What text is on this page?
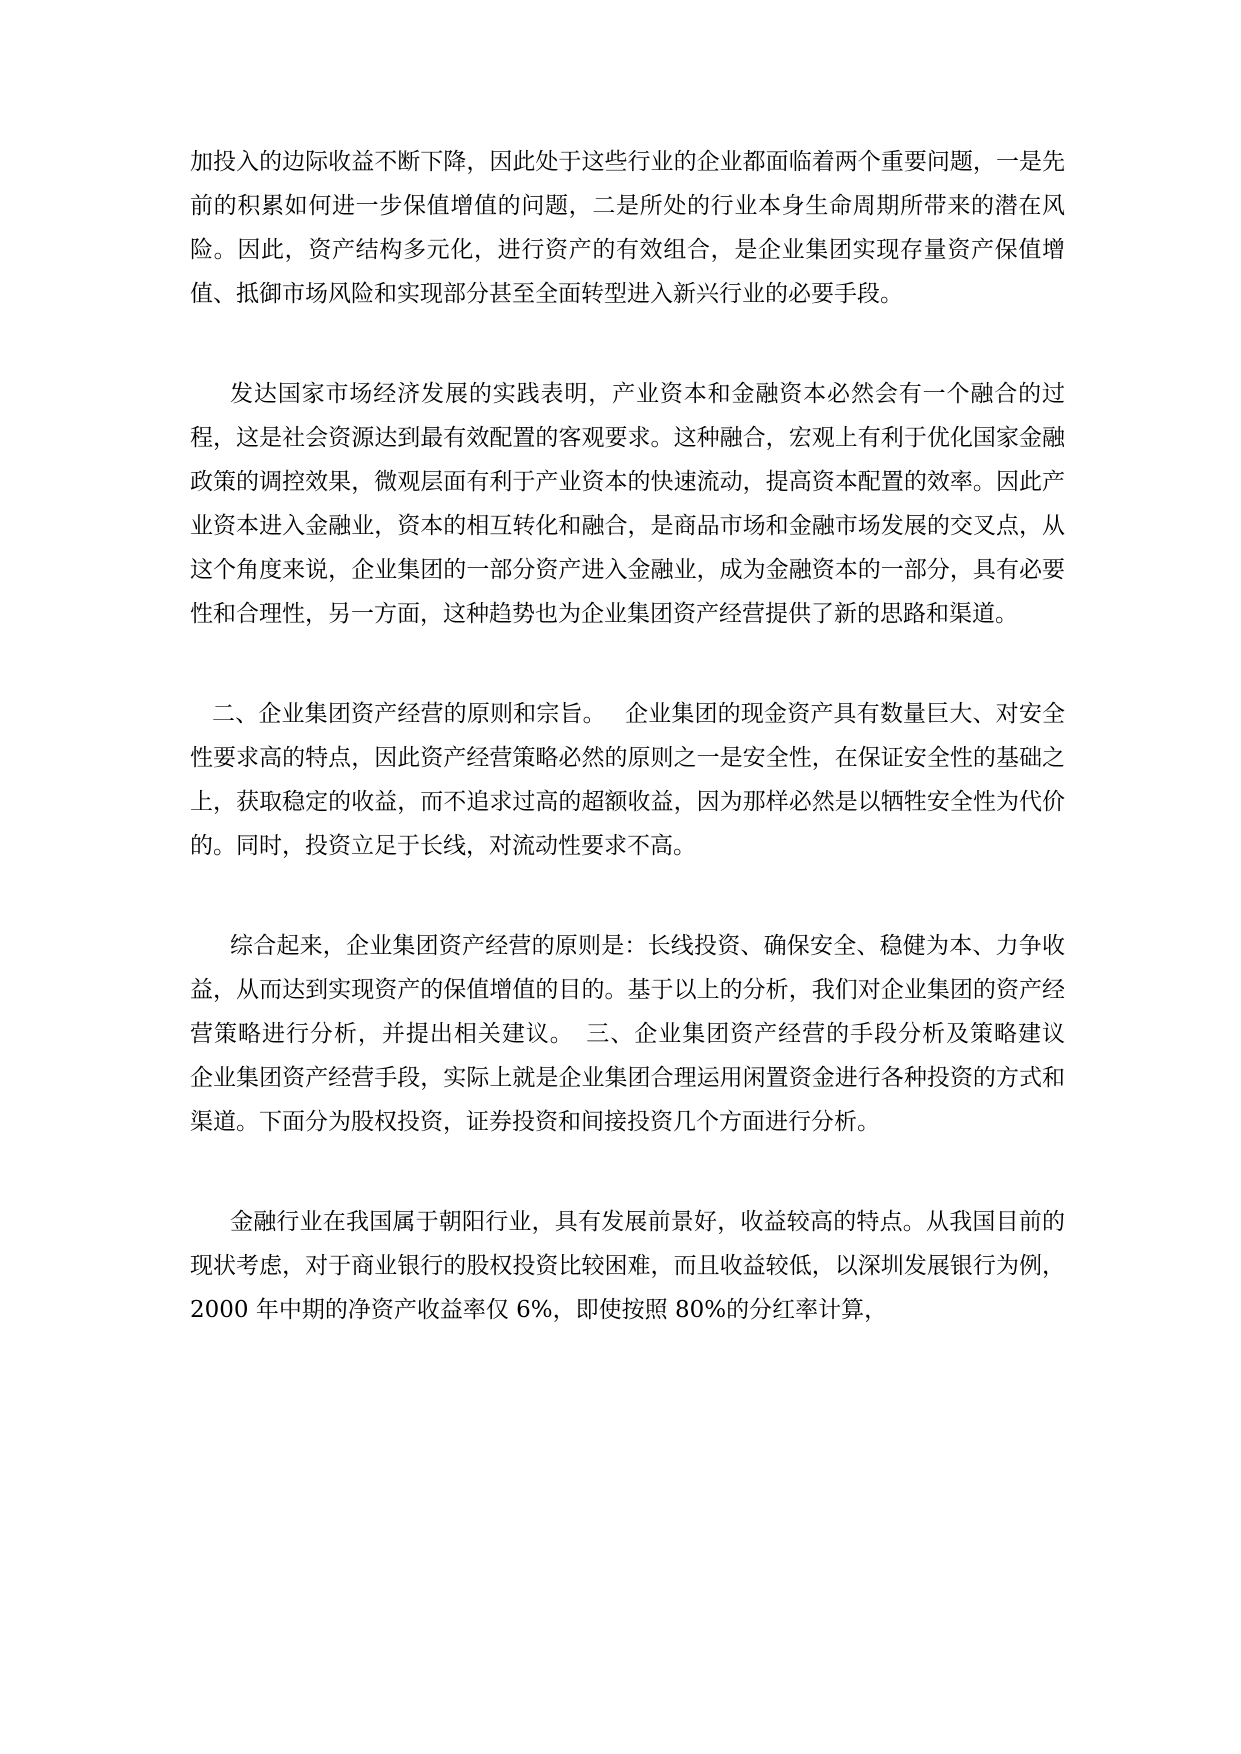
加投入的边际收益不断下降，因此处于这些行业的企业都面临着两个重要问题，一是先前的积累如何进一步保值增值的问题，二是所处的行业本身生命周期所带来的潜在风险。因此，资产结构多元化，进行资产的有效组合，是企业集团实现存量资产保值增值、抵御市场风险和实现部分甚至全面转型进入新兴行业的必要手段。

发达国家市场经济发展的实践表明，产业资本和金融资本必然会有一个融合的过程，这是社会资源达到最有效配置的客观要求。这种融合，宏观上有利于优化国家金融政策的调控效果，微观层面有利于产业资本的快速流动，提高资本配置的效率。因此产业资本进入金融业，资本的相互转化和融合，是商品市场和金融市场发展的交叉点，从这个角度来说，企业集团的一部分资产进入金融业，成为金融资本的一部分，具有必要性和合理性，另一方面，这种趋势也为企业集团资产经营提供了新的思路和渠道。

二、企业集团资产经营的原则和宗旨。　 企业集团的现金资产具有数量巨大、对安全性要求高的特点，因此资产经营策略必然的原则之一是安全性，在保证安全性的基础之上，获取稳定的收益，而不追求过高的超额收益，因为那样必然是以牺牲安全性为代价的。同时，投资立足于长线，对流动性要求不高。

综合起来，企业集团资产经营的原则是：长线投资、确保安全、稳健为本、力争收益，从而达到实现资产的保值增值的目的。基于以上的分析，我们对企业集团的资产经营策略进行分析，并提出相关建议。　三、企业集团资产经营的手段分析及策略建议　企业集团资产经营手段，实际上就是企业集团合理运用闲置资金进行各种投资的方式和渠道。下面分为股权投资，证券投资和间接投资几个方面进行分析。

金融行业在我国属于朝阳行业，具有发展前景好，收益较高的特点。从我国目前的现状考虑，对于商业银行的股权投资比较困难，而且收益较低，以深圳发展银行为例，2000 年中期的净资产收益率仅 6%，即使按照 80%的分红率计算，
